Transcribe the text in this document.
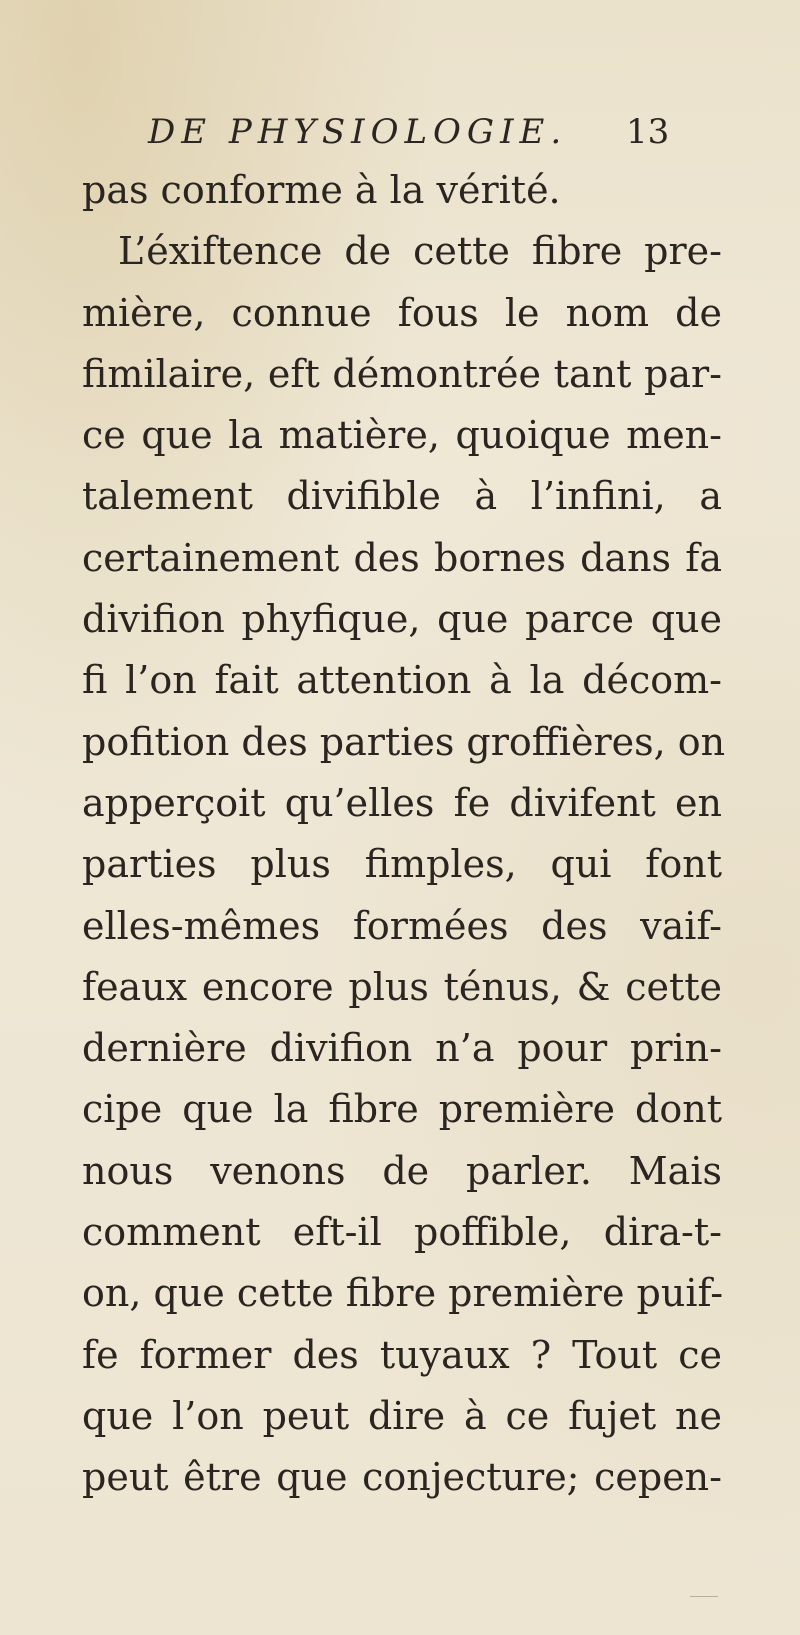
DE PHYSIOLOGIE. 13
pas conforme à la vérité.
L’éxiftence de cette fibre pre-
mière, connue fous le nom de
fimilaire, eft démontrée tant par-
ce que la matière, quoique men-
talement divifible à l’infini, a
certainement des bornes dans fa
divifion phyfique, que parce que
fi l’on fait attention à la décom-
pofition des parties groffières, on
apperçoit qu’elles fe divifent en
parties plus fimples, qui font
elles-mêmes formées des vaif-
feaux encore plus ténus, & cette
dernière divifion n’a pour prin-
cipe que la fibre première dont
nous venons de parler. Mais
comment eft-il poffible, dira-t-
on, que cette fibre première puif-
fe former des tuyaux ? Tout ce
que l’on peut dire à ce fujet ne
peut être que conjecture; cepen-
